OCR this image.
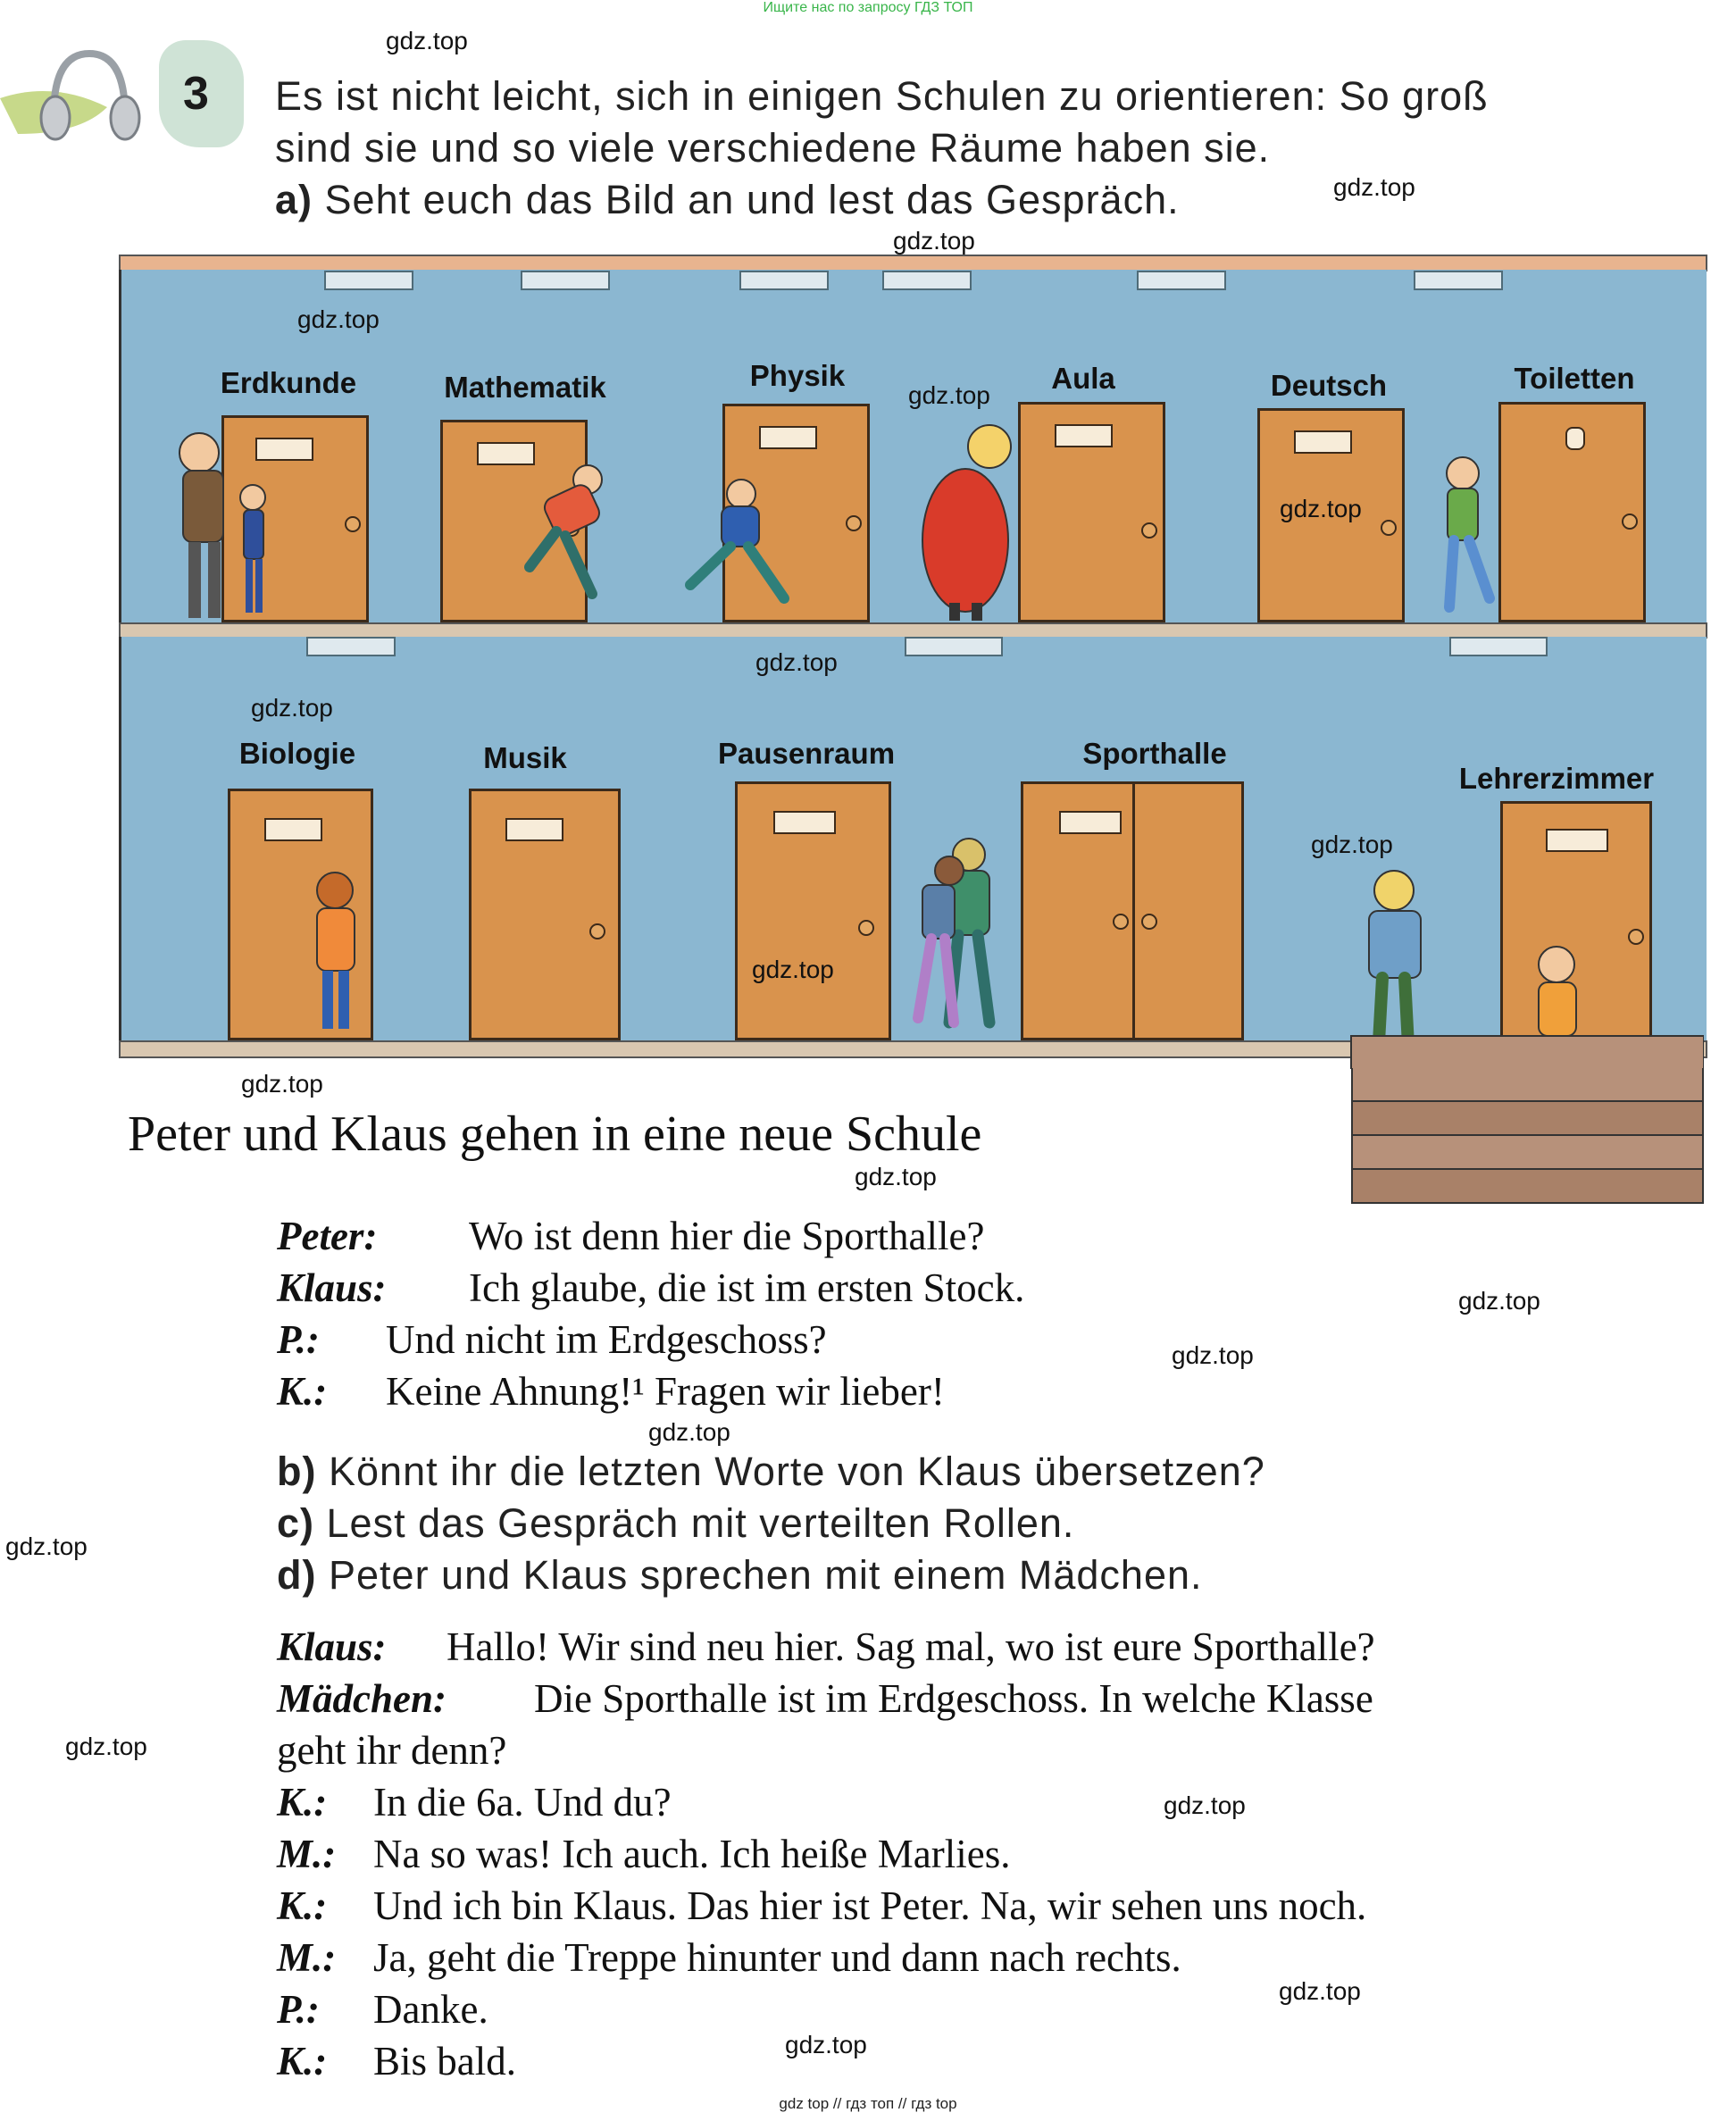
Ищите нас по запросу ГДЗ ТОП
3 Es ist nicht leicht, sich in einigen Schulen zu orientieren: So groß
sind sie und so viele verschiedene Räume haben sie.
a) Seht euch das Bild an und lest das Gespräch.
Erdkunde	Mathematik	Physik	Aula	Deutsch	Toiletten
Biologie	Musik	Pausenraum	Sporthalle
Lehrerzimmer
Peter und Klaus gehen in eine neue Schule
Peter: Wo ist denn hier die Sporthalle?
Klaus: Ich glaube, die ist im ersten Stock.
P.: Und nicht im Erdgeschoss?
K.: Keine Ahnung!¹ Fragen wir lieber!
b) Könnt ihr die letzten Worte von Klaus übersetzen?
c) Lest das Gespräch mit verteilten Rollen.
d) Peter und Klaus sprechen mit einem Mädchen.
Klaus: Hallo! Wir sind neu hier. Sag mal, wo ist eure Sporthalle?
Mädchen: Die Sporthalle ist im Erdgeschoss. In welche Klasse
geht ihr denn?
K.: In die 6a. Und du?
M.: Na so was! Ich auch. Ich heiße Marlies.
K.: Und ich bin Klaus. Das hier ist Peter. Na, wir sehen uns noch.
M.: Ja, geht die Treppe hinunter und dann nach rechts.
P.: Danke.
K.: Bis bald.
gdz.top
gdz.top
gdz.top
gdz.top
gdz.top
gdz.top
gdz.top
gdz.top
gdz.top
gdz.top
gdz.top
gdz.top
gdz.top
gdz.top
gdz.top
gdz.top
gdz.top
gdz.top
gdz.top
gdz.top
gdz top // гдз топ // гдз top
